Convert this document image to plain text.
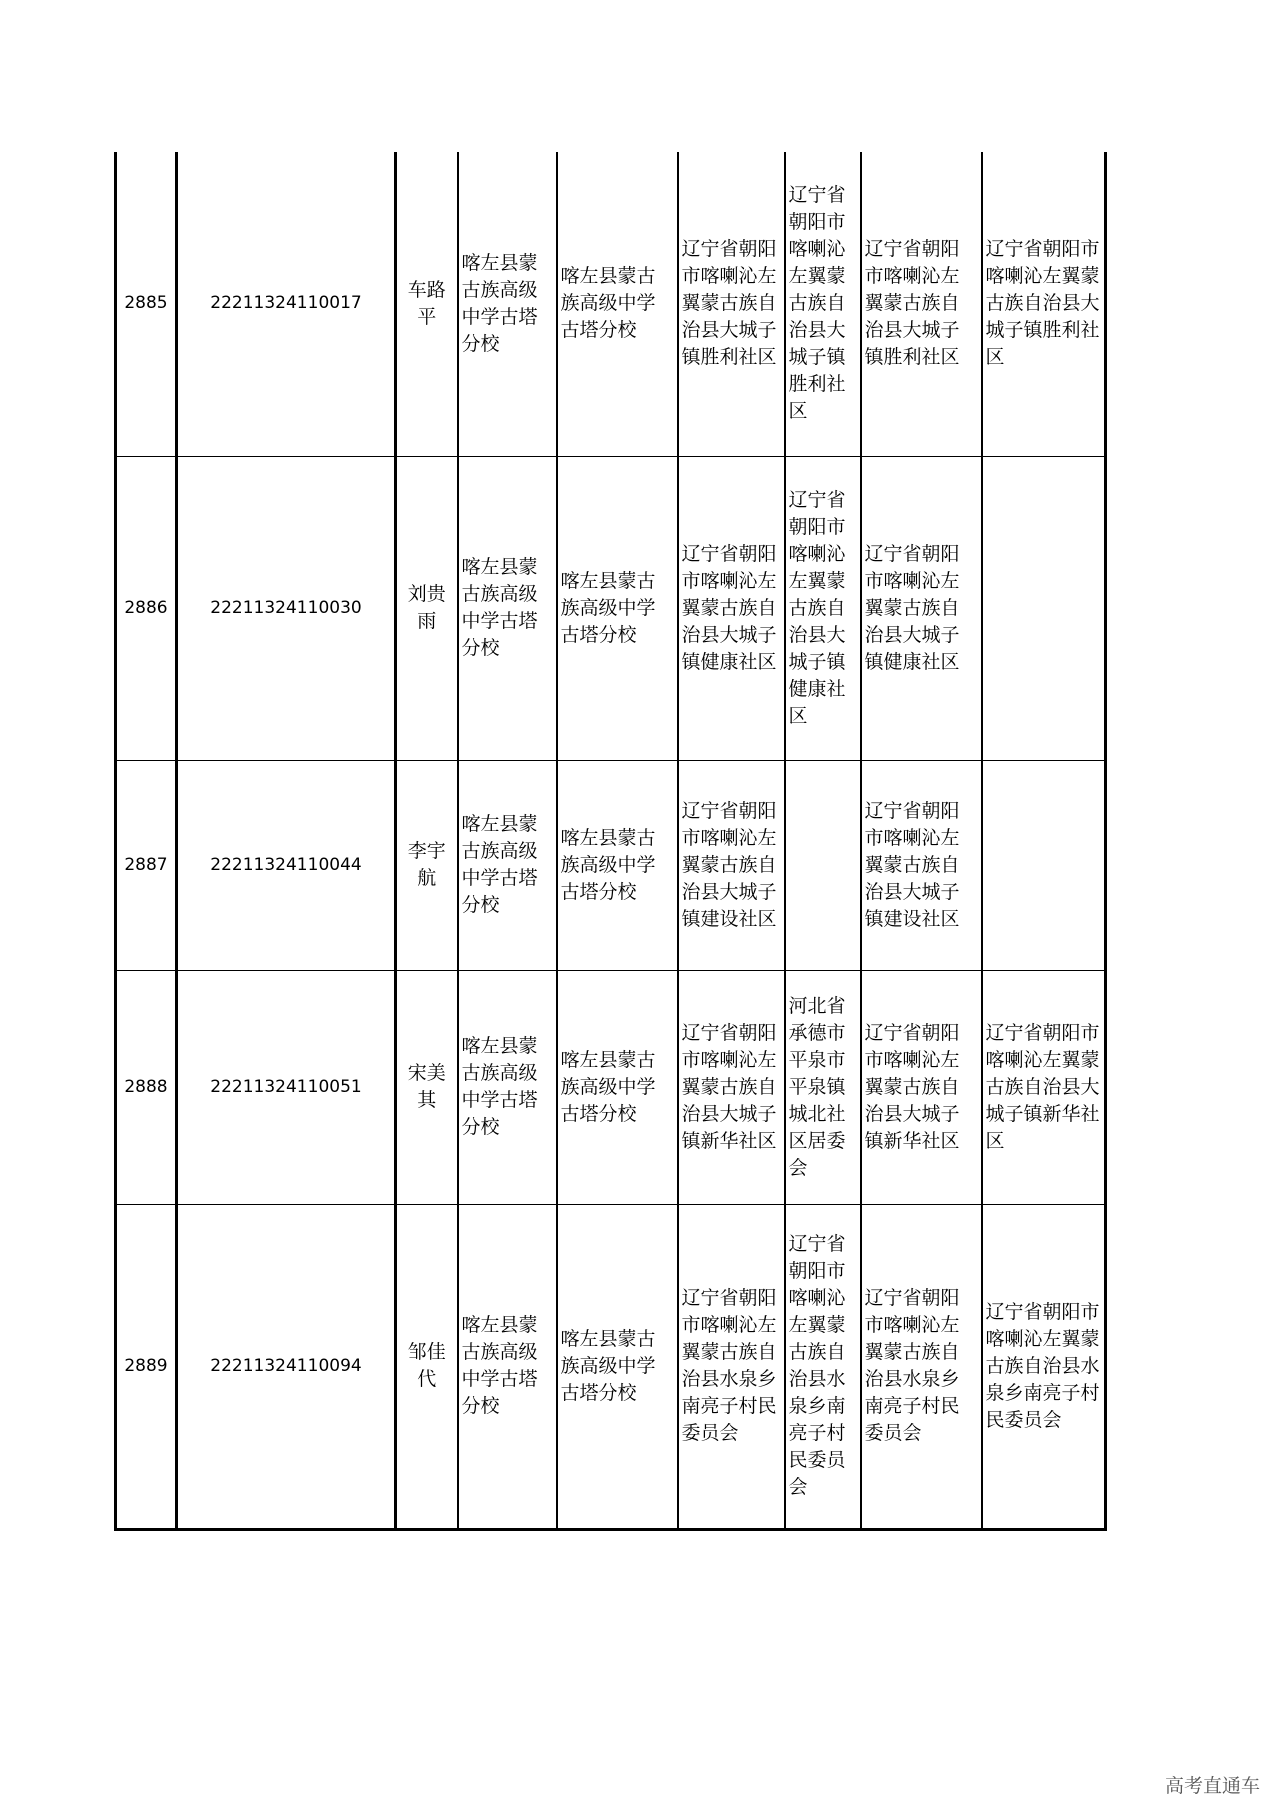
2885	22211324110017	车路平	喀左县蒙古族高级中学古塔分校	喀左县蒙古族高级中学古塔分校	辽宁省朝阳市喀喇沁左翼蒙古族自治县大城子镇胜利社区	辽宁省朝阳市喀喇沁左翼蒙古族自治县大城子镇胜利社区	辽宁省朝阳市喀喇沁左翼蒙古族自治县大城子镇胜利社区	辽宁省朝阳市喀喇沁左翼蒙古族自治县大城子镇胜利社区
2886	22211324110030	刘贵雨	喀左县蒙古族高级中学古塔分校	喀左县蒙古族高级中学古塔分校	辽宁省朝阳市喀喇沁左翼蒙古族自治县大城子镇健康社区	辽宁省朝阳市喀喇沁左翼蒙古族自治县大城子镇健康社区	辽宁省朝阳市喀喇沁左翼蒙古族自治县大城子镇健康社区	
2887	22211324110044	李宇航	喀左县蒙古族高级中学古塔分校	喀左县蒙古族高级中学古塔分校	辽宁省朝阳市喀喇沁左翼蒙古族自治县大城子镇建设社区		辽宁省朝阳市喀喇沁左翼蒙古族自治县大城子镇建设社区	
2888	22211324110051	宋美其	喀左县蒙古族高级中学古塔分校	喀左县蒙古族高级中学古塔分校	辽宁省朝阳市喀喇沁左翼蒙古族自治县大城子镇新华社区	河北省承德市平泉市平泉镇城北社区居委会	辽宁省朝阳市喀喇沁左翼蒙古族自治县大城子镇新华社区	辽宁省朝阳市喀喇沁左翼蒙古族自治县大城子镇新华社区
2889	22211324110094	邹佳代	喀左县蒙古族高级中学古塔分校	喀左县蒙古族高级中学古塔分校	辽宁省朝阳市喀喇沁左翼蒙古族自治县水泉乡南亮子村民委员会	辽宁省朝阳市喀喇沁左翼蒙古族自治县水泉乡南亮子村民委员会	辽宁省朝阳市喀喇沁左翼蒙古族自治县水泉乡南亮子村民委员会	辽宁省朝阳市喀喇沁左翼蒙古族自治县水泉乡南亮子村民委员会
高考直通车
